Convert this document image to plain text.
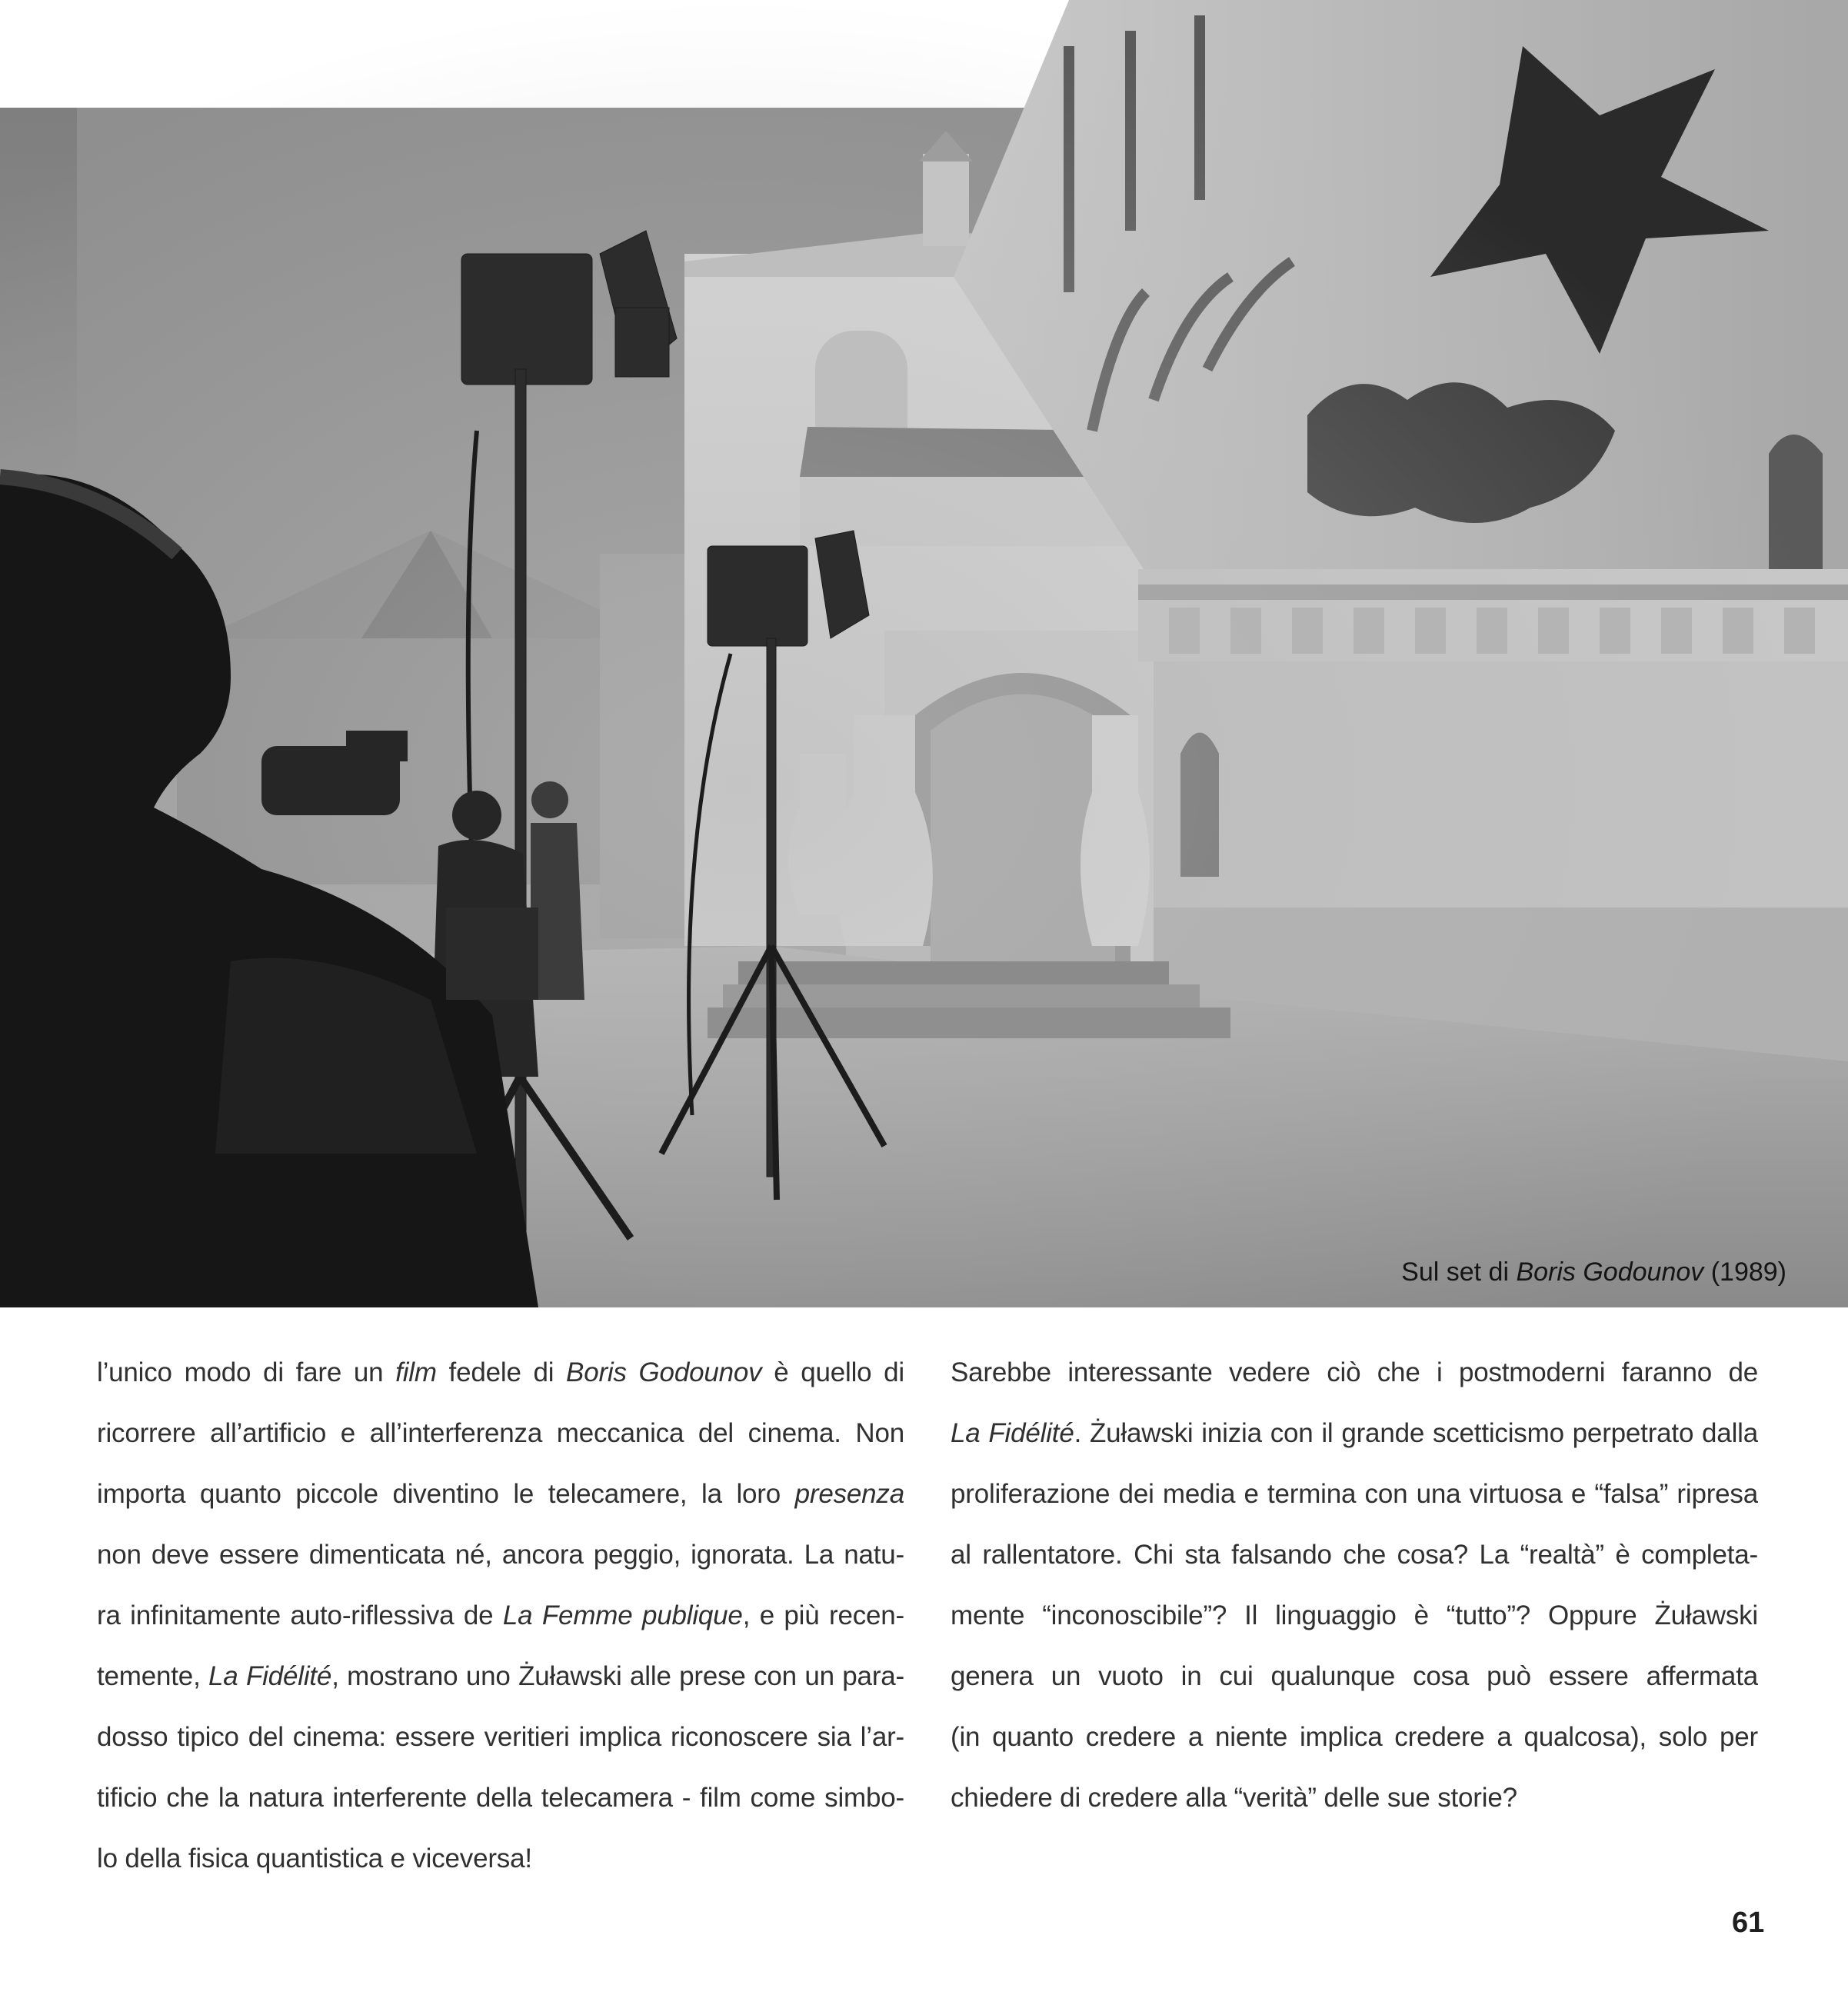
Sul set di Boris Godounov (1989)
l’unico modo di fare un film fedele di Boris Godounov è quello di
ricorrere all’artificio e all’interferenza meccanica del cinema. Non
importa quanto piccole diventino le telecamere, la loro presenza
non deve essere dimenticata né, ancora peggio, ignorata. La natu-
ra infinitamente auto-riflessiva de La Femme publique, e più recen-
temente, La Fidélité, mostrano uno Żuławski alle prese con un para-
dosso tipico del cinema: essere veritieri implica riconoscere sia l’ar-
tificio che la natura interferente della telecamera - film come simbo-
lo della fisica quantistica e viceversa!
Sarebbe interessante vedere ciò che i postmoderni faranno de
La Fidélité. Żuławski inizia con il grande scetticismo perpetrato dalla
proliferazione dei media e termina con una virtuosa e “falsa” ripresa
al rallentatore. Chi sta falsando che cosa? La “realtà” è completa-
mente “inconoscibile”? Il linguaggio è “tutto”? Oppure Żuławski
genera un vuoto in cui qualunque cosa può essere affermata
(in quanto credere a niente implica credere a qualcosa), solo per
chiedere di credere alla “verità” delle sue storie?
61
